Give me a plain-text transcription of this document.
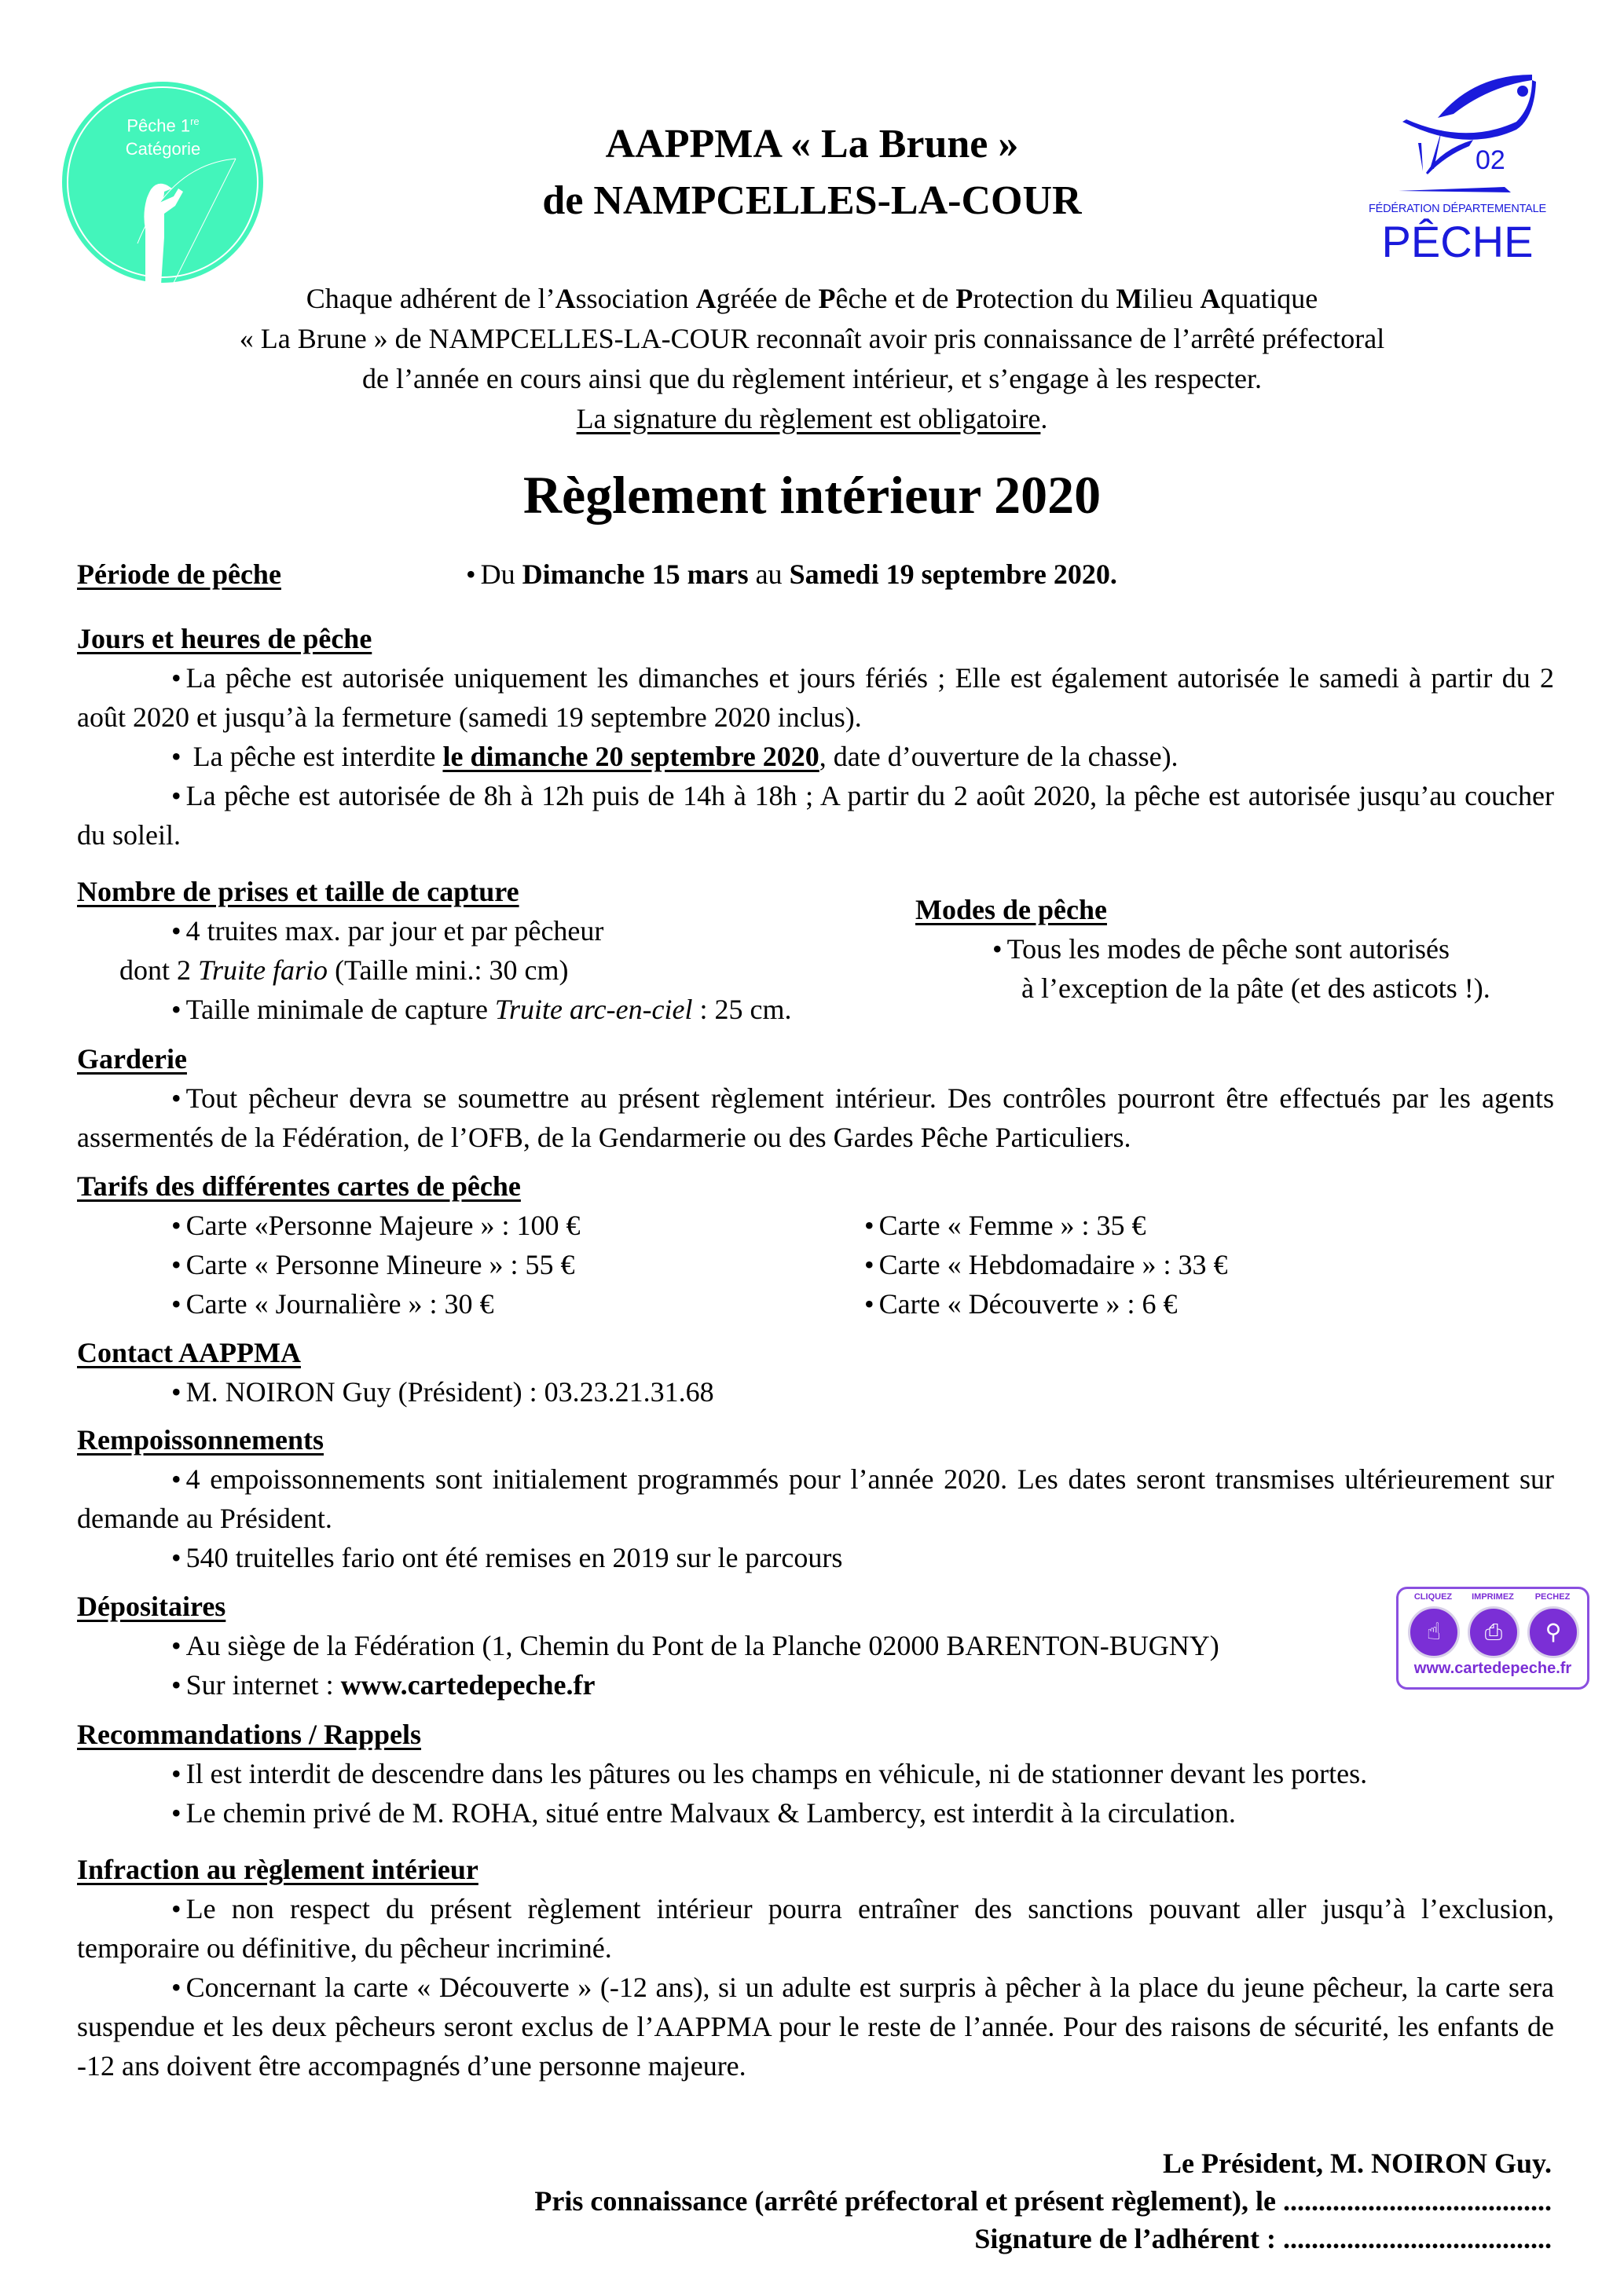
Pêche 1re
Catégorie	AAPPMA « La Brune »
de NAMPCELLES-LA-COUR
02
FÉDÉRATION DÉPARTEMENTALE
PÊCHE
Chaque adhérent de l’Association Agréée de Pêche et de Protection du Milieu Aquatique
« La Brune » de NAMPCELLES-LA-COUR reconnaît avoir pris connaissance de l’arrêté préfectoral
de l’année en cours ainsi que du règlement intérieur, et s’engage à les respecter.
La signature du règlement est obligatoire.
Règlement intérieur 2020
Période de pêche	• Du Dimanche 15 mars au Samedi 19 septembre 2020.
Jours et heures de pêche
• La pêche est autorisée uniquement les dimanches et jours fériés ; Elle est également autorisée le samedi à partir du 2 août 2020 et jusqu’à la fermeture (samedi 19 septembre 2020 inclus).
• La pêche est interdite le dimanche 20 septembre 2020, date d’ouverture de la chasse).
• La pêche est autorisée de 8h à 12h puis de 14h à 18h ; A partir du 2 août 2020, la pêche est autorisée jusqu’au coucher du soleil.
Nombre de prises et taille de capture
• 4 truites max. par jour et par pêcheur
dont 2 Truite fario (Taille mini.: 30 cm)
• Taille minimale de capture Truite arc-en-ciel : 25 cm.
Modes de pêche
• Tous les modes de pêche sont autorisés
à l’exception de la pâte (et des asticots !).
Garderie
• Tout pêcheur devra se soumettre au présent règlement intérieur. Des contrôles pourront être effectués par les agents assermentés de la Fédération, de l’OFB, de la Gendarmerie ou des Gardes Pêche Particuliers.
Tarifs des différentes cartes de pêche
• Carte «Personne Majeure » : 100 €
• Carte « Personne Mineure » : 55 €
• Carte « Journalière » : 30 €
• Carte « Femme » : 35 €
• Carte « Hebdomadaire » : 33 €
• Carte « Découverte » : 6 €
Contact AAPPMA
• M. NOIRON Guy (Président) : 03.23.21.31.68
Rempoissonnements
• 4 empoissonnements sont initialement programmés pour l’année 2020. Les dates seront transmises ultérieurement sur demande au Président.
• 540 truitelles fario ont été remises en 2019 sur le parcours
Dépositaires
• Au siège de la Fédération (1, Chemin du Pont de la Planche 02000 BARENTON-BUGNY)
• Sur internet : www.cartedepeche.fr
☝	⎙	⚲
CLIQUEZ	IMPRIMEZ	PECHEZ
www.cartedepeche.fr
Recommandations / Rappels
• Il est interdit de descendre dans les pâtures ou les champs en véhicule, ni de stationner devant les portes.
• Le chemin privé de M. ROHA, situé entre Malvaux & Lambercy, est interdit à la circulation.
Infraction au règlement intérieur
• Le non respect du présent règlement intérieur pourra entraîner des sanctions pouvant aller jusqu’à l’exclusion, temporaire ou définitive, du pêcheur incriminé.
• Concernant la carte « Découverte » (-12 ans), si un adulte est surpris à pêcher à la place du jeune pêcheur, la carte sera suspendue et les deux pêcheurs seront exclus de l’AAPPMA pour le reste de l’année. Pour des raisons de sécurité, les enfants de -12 ans doivent être accompagnés d’une personne majeure.
Le Président, M. NOIRON Guy.
Pris connaissance (arrêté préfectoral et présent règlement), le ......................................
Signature de l’adhérent : ......................................
